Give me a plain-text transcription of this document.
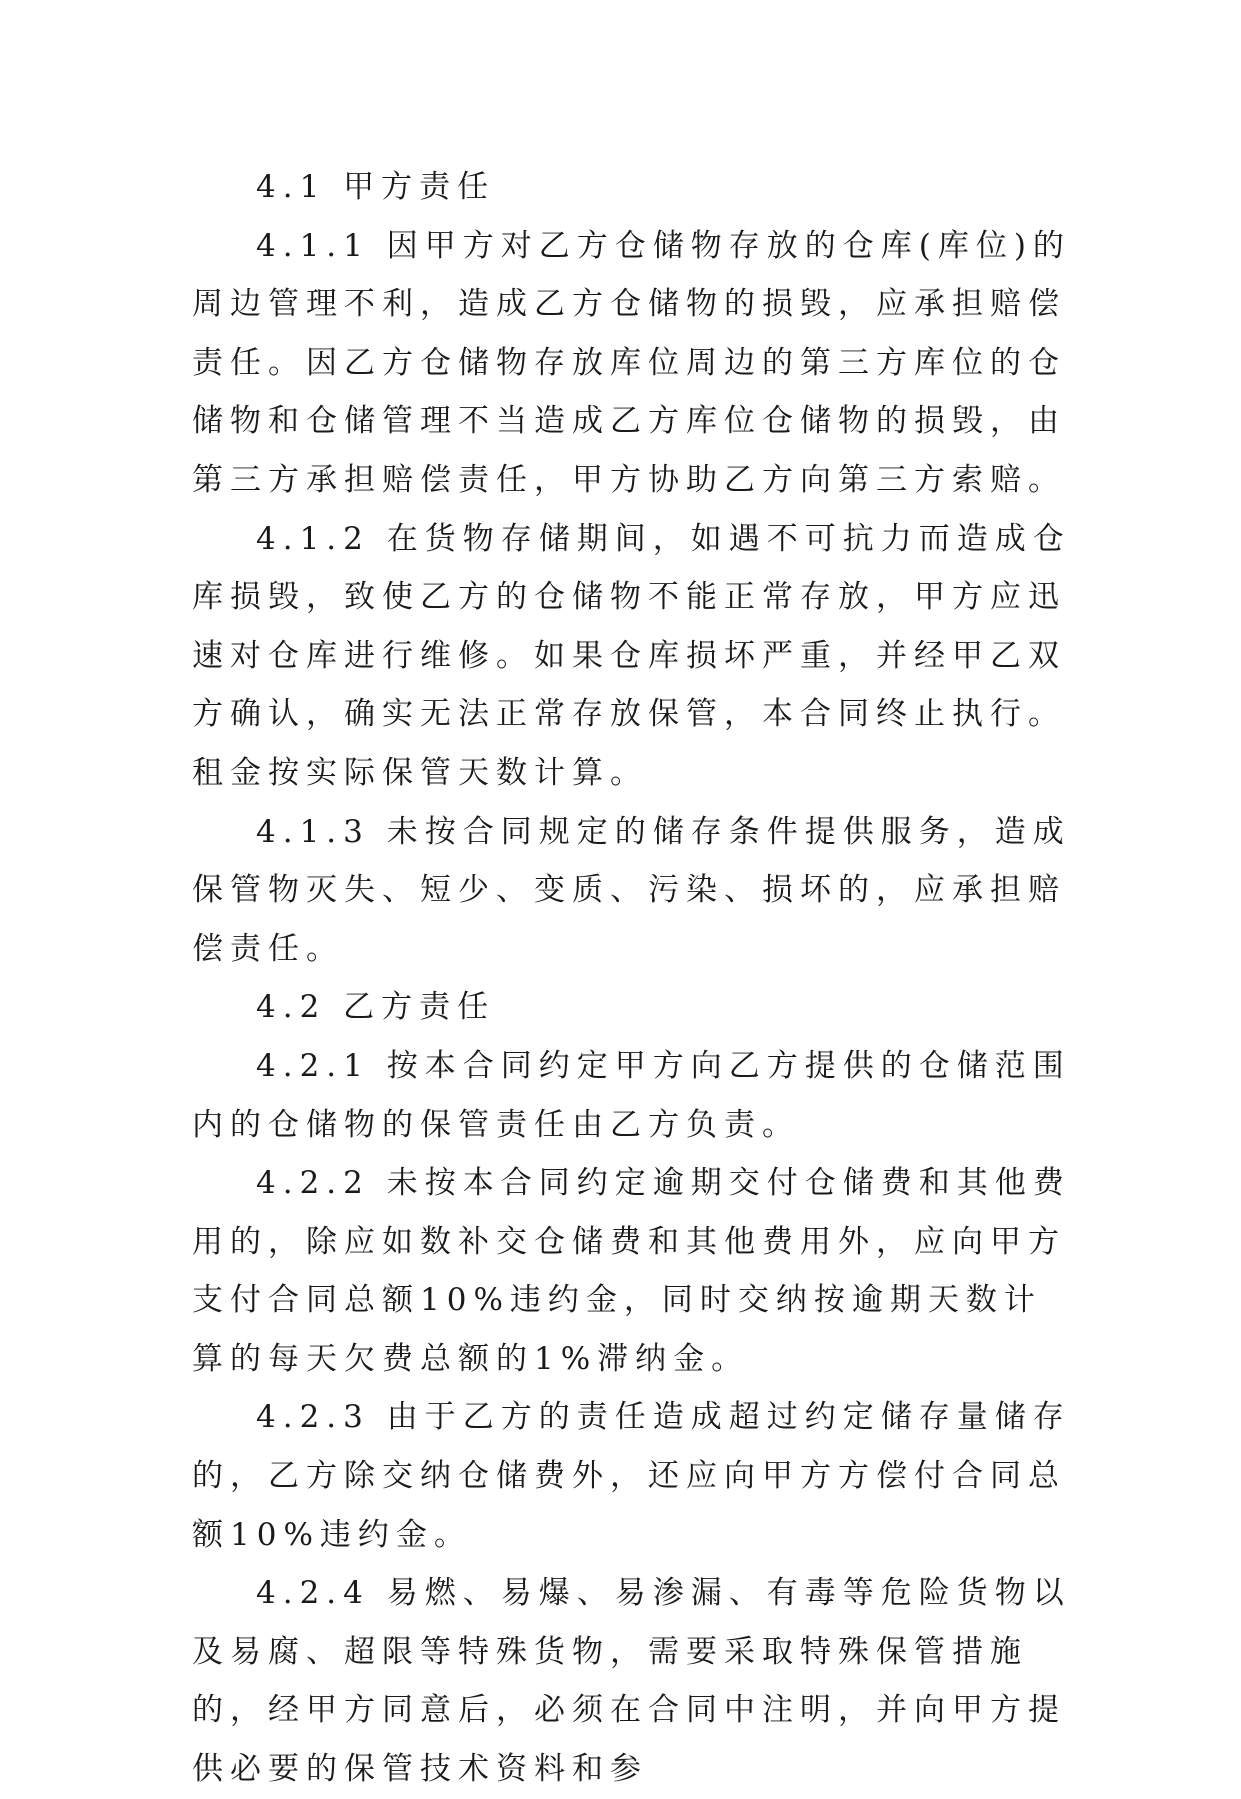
4.1 甲方责任

4.1.1 因甲方对乙方仓储物存放的仓库(库位)的周边管理不利，造成乙方仓储物的损毁，应承担赔偿责任。因乙方仓储物存放库位周边的第三方库位的仓储物和仓储管理不当造成乙方库位仓储物的损毁，由第三方承担赔偿责任，甲方协助乙方向第三方索赔。

4.1.2 在货物存储期间，如遇不可抗力而造成仓库损毁，致使乙方的仓储物不能正常存放，甲方应迅速对仓库进行维修。如果仓库损坏严重，并经甲乙双方确认，确实无法正常存放保管，本合同终止执行。租金按实际保管天数计算。

4.1.3 未按合同规定的储存条件提供服务，造成保管物灭失、短少、变质、污染、损坏的，应承担赔偿责任。

4.2 乙方责任

4.2.1 按本合同约定甲方向乙方提供的仓储范围内的仓储物的保管责任由乙方负责。

4.2.2 未按本合同约定逾期交付仓储费和其他费用的，除应如数补交仓储费和其他费用外，应向甲方支付合同总额10%违约金，同时交纳按逾期天数计算的每天欠费总额的1%滞纳金。

4.2.3 由于乙方的责任造成超过约定储存量储存的，乙方除交纳仓储费外，还应向甲方方偿付合同总额10%违约金。

4.2.4 易燃、易爆、易渗漏、有毒等危险货物以及易腐、超限等特殊货物，需要采取特殊保管措施的，经甲方同意后，必须在合同中注明，并向甲方提供必要的保管技术资料和参
